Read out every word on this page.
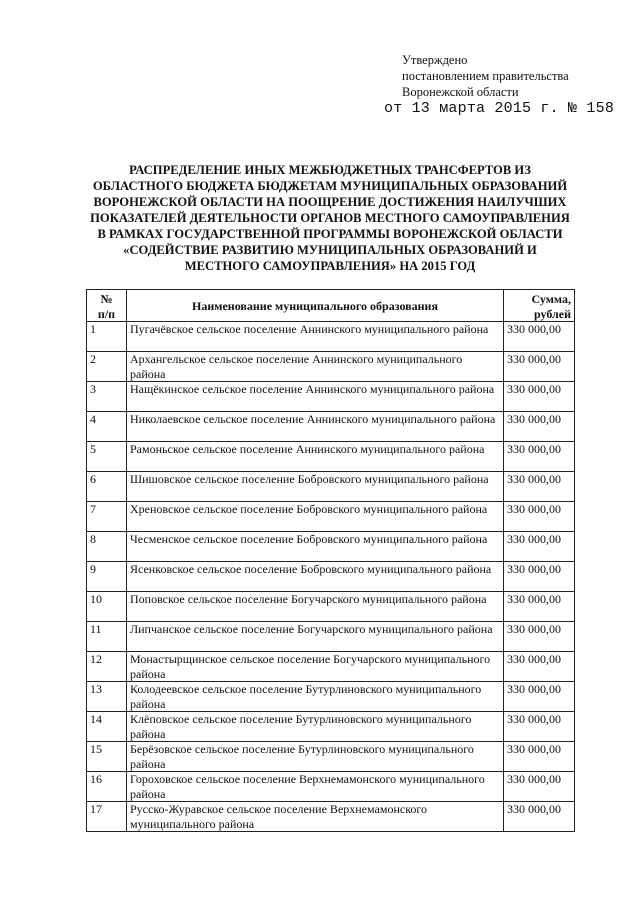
Утверждено
постановлением правительства
Воронежской области
от 13 марта 2015 г. № 158
РАСПРЕДЕЛЕНИЕ ИНЫХ МЕЖБЮДЖЕТНЫХ ТРАНСФЕРТОВ ИЗ
ОБЛАСТНОГО БЮДЖЕТА БЮДЖЕТАМ МУНИЦИПАЛЬНЫХ ОБРАЗОВАНИЙ
ВОРОНЕЖСКОЙ ОБЛАСТИ НА ПООЩРЕНИЕ ДОСТИЖЕНИЯ НАИЛУЧШИХ
ПОКАЗАТЕЛЕЙ ДЕЯТЕЛЬНОСТИ ОРГАНОВ МЕСТНОГО САМОУПРАВЛЕНИЯ
В РАМКАХ ГОСУДАРСТВЕННОЙ ПРОГРАММЫ ВОРОНЕЖСКОЙ ОБЛАСТИ
«СОДЕЙСТВИЕ РАЗВИТИЮ МУНИЦИПАЛЬНЫХ ОБРАЗОВАНИЙ И
МЕСТНОГО САМОУПРАВЛЕНИЯ» НА 2015 ГОД
№
п/п	Наименование муниципального образования	Сумма,
рублей

1	Пугачёвское сельское поселение Аннинского муниципального района	330 000,00
2	Архангельское сельское поселение Аннинского муниципального района	330 000,00
3	Нащёкинское сельское поселение Аннинского муниципального района	330 000,00
4	Николаевское сельское поселение Аннинского муниципального района	330 000,00
5	Рамоньское сельское поселение Аннинского муниципального района	330 000,00
6	Шишовское сельское поселение Бобровского муниципального района	330 000,00
7	Хреновское сельское поселение Бобровского муниципального района	330 000,00
8	Чесменское сельское поселение Бобровского муниципального района	330 000,00
9	Ясенковское сельское поселение Бобровского муниципального района	330 000,00
10	Поповское сельское поселение Богучарского муниципального района	330 000,00
11	Липчанское сельское поселение Богучарского муниципального района	330 000,00
12	Монастырщинское сельское поселение Богучарского муниципального района	330 000,00
13	Колодеевское сельское поселение Бутурлиновского муниципального района	330 000,00
14	Клёповское сельское поселение Бутурлиновского муниципального района	330 000,00
15	Берёзовское сельское поселение Бутурлиновского муниципального района	330 000,00
16	Гороховское сельское поселение Верхнемамонского муниципального района	330 000,00
17	Русско-Журавское сельское поселение Верхнемамонского муниципального района	330 000,00
